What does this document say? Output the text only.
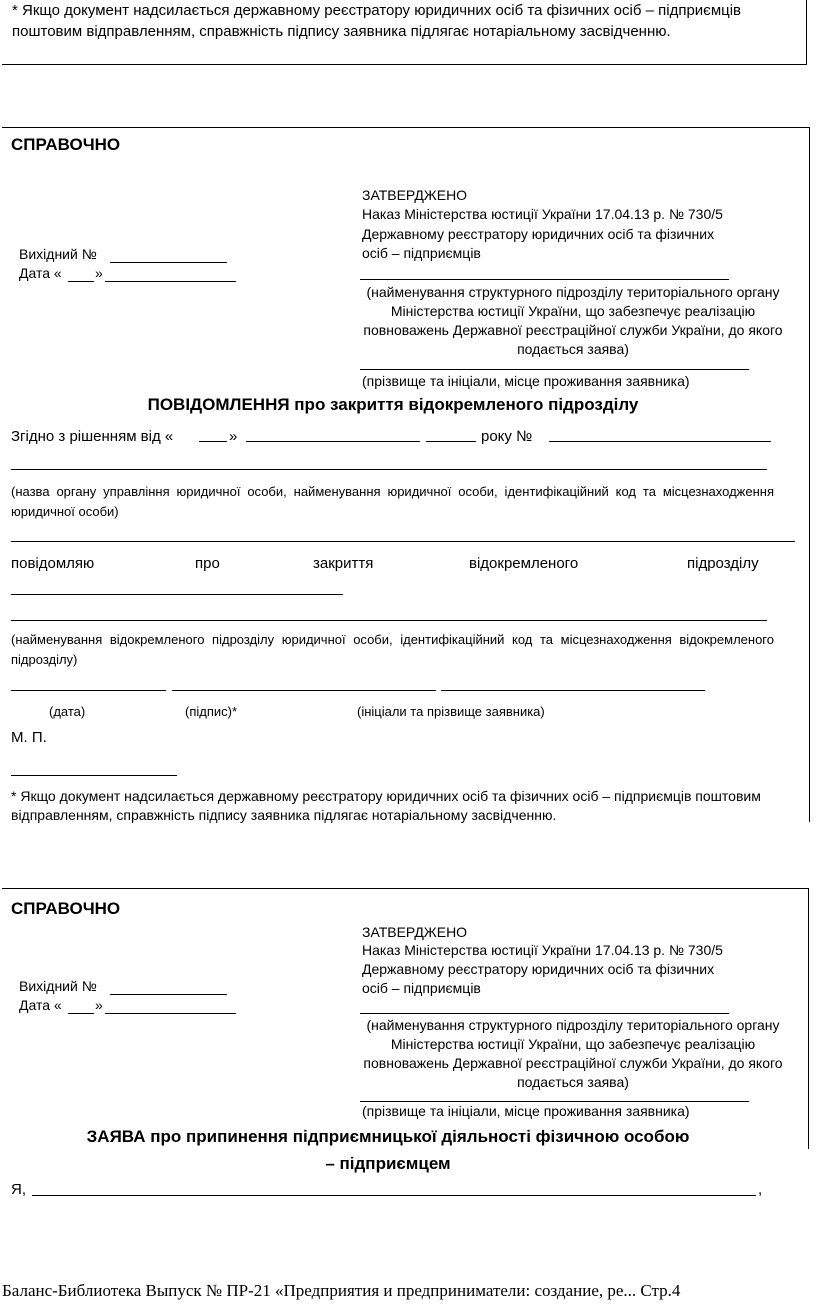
* Якщо документ надсилається державному реєстратору юридичних осіб та фізичних осіб – підприємців поштовим відправленням, справжність підпису заявника підлягає нотаріальному засвідченню.
СПРАВОЧНО
ЗАТВЕРДЖЕНО
Наказ Міністерства юстиції України 17.04.13 р. № 730/5
Державному реєстратору юридичних осіб та фізичних
осіб – підприємців
Вихідний №
Дата « »
(найменування структурного підрозділу територіального органу Міністерства юстиції України, що забезпечує реалізацію повноважень Державної реєстраційної служби України, до якого подається заява)
(прізвище та ініціали, місце проживання заявника)
ПОВІДОМЛЕННЯ про закриття відокремленого підрозділу
Згідно з рішенням від «	»	року №
(назва органу управління юридичної особи, найменування юридичної особи, ідентифікаційний код та місцезнаходження юридичної особи)
повідомляю	про	закриття	відокремленого	підрозділу
(найменування відокремленого підрозділу юридичної особи, ідентифікаційний код та місцезнаходження відокремленого підрозділу)
(дата)	(підпис)*	(ініціали та прізвище заявника)
М. П.
* Якщо документ надсилається державному реєстратору юридичних осіб та фізичних осіб – підприємців поштовим відправленням, справжність підпису заявника підлягає нотаріальному засвідченню.
СПРАВОЧНО
ЗАТВЕРДЖЕНО
Наказ Міністерства юстиції України 17.04.13 р. № 730/5
Державному реєстратору юридичних осіб та фізичних
осіб – підприємців
Вихідний №
Дата « »
(найменування структурного підрозділу територіального органу Міністерства юстиції України, що забезпечує реалізацію повноважень Державної реєстраційної служби України, до якого подається заява)
(прізвище та ініціали, місце проживання заявника)
ЗАЯВА про припинення підприємницької діяльності фізичною особою
– підприємцем
Я,	,
Баланс-Библиотека Выпуск № ПР-21 «Предприятия и предприниматели: создание, ре... Стр.4
